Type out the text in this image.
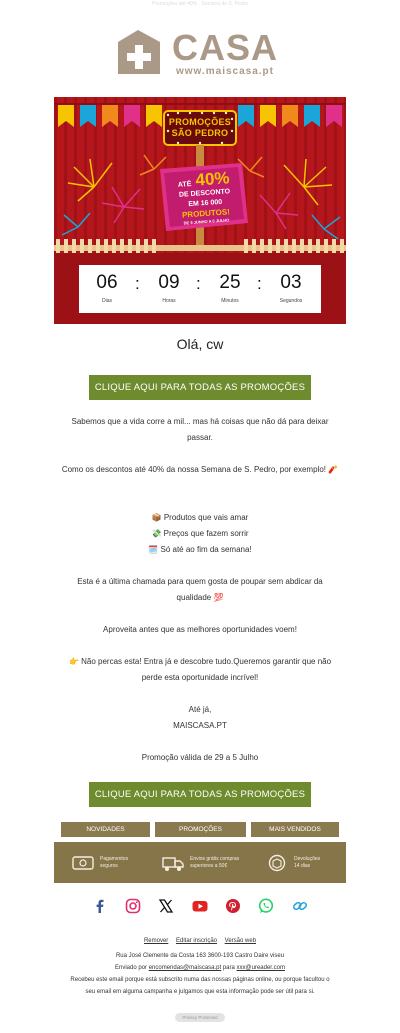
Promoções até 40% · Semana de S. Pedro
CASA
www.maiscasa.pt
PROMOÇÕES
SÃO PEDRO
ATÉ 40%
DE DESCONTO
EM 16 000
PRODUTOS!
DE 9 JUNHO A 5 JULHO
06
Dias
: 09
Horas
: 25
Minutos
: 03
Segundos
Olá, cw
CLIQUE AQUI PARA TODAS AS PROMOÇÕES
Sabemos que a vida corre a mil... mas há coisas que não dá para deixar passar.
Como os descontos até 40% da nossa Semana de S. Pedro, por exemplo! 🧨
📦 Produtos que vais amar
💸 Preços que fazem sorrir
🗓️ Só até ao fim da semana!
Esta é a última chamada para quem gosta de poupar sem abdicar da qualidade 💯
Aproveita antes que as melhores oportunidades voem!
👉 Não percas esta! Entra já e descobre tudo.Queremos garantir que não perde esta oportunidade incrível!
Até já,
MAISCASA.PT
Promoção válida de 29 a 5 Julho
CLIQUE AQUI PARA TODAS AS PROMOÇÕES
NOVIDADES	PROMOÇÕES	MAIS VENDIDOS
Pagamentos
seguros
Envios grátis compras
superiores a 50€
Devoluções
14 dias
Remover Editar inscrição Versão web
Rua José Clemente da Costa 163 3600-193 Castro Daire viseu
Enviado por encomendas@maiscasa.pt para xxx@ureader.com
Recebeu este email porque está subscrito numa das nossas páginas online, ou porque facultou o seu email em alguma campanha e julgamos que esta informação pode ser útil para si.
Privacy Protected
